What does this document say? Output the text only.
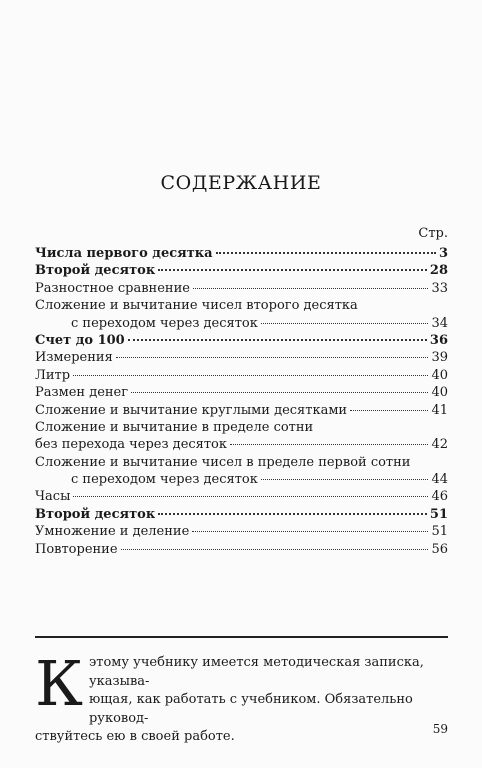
СОДЕРЖАНИЕ
Стр.
Числа первого десятка	3
Второй десяток	28
Разностное сравнение	33
Сложение и вычитание чисел второго десятка
с переходом через десяток	34
Счет до 100	36
Измерения	39
Литр	40
Размен денег	40
Сложение и вычитание круглыми десятками	41
Сложение и вычитание в пределе сотни
без перехода через десяток	42
Сложение и вычитание чисел в пределе первой сотни
с переходом через десяток	44
Часы	46
Второй десяток	51
Умножение и деление	51
Повторение	56
К этому учебнику имеется методическая записка, указыва-
ющая, как работать с учебником. Обязательно руковод-
ствуйтесь ею в своей работе.	59
